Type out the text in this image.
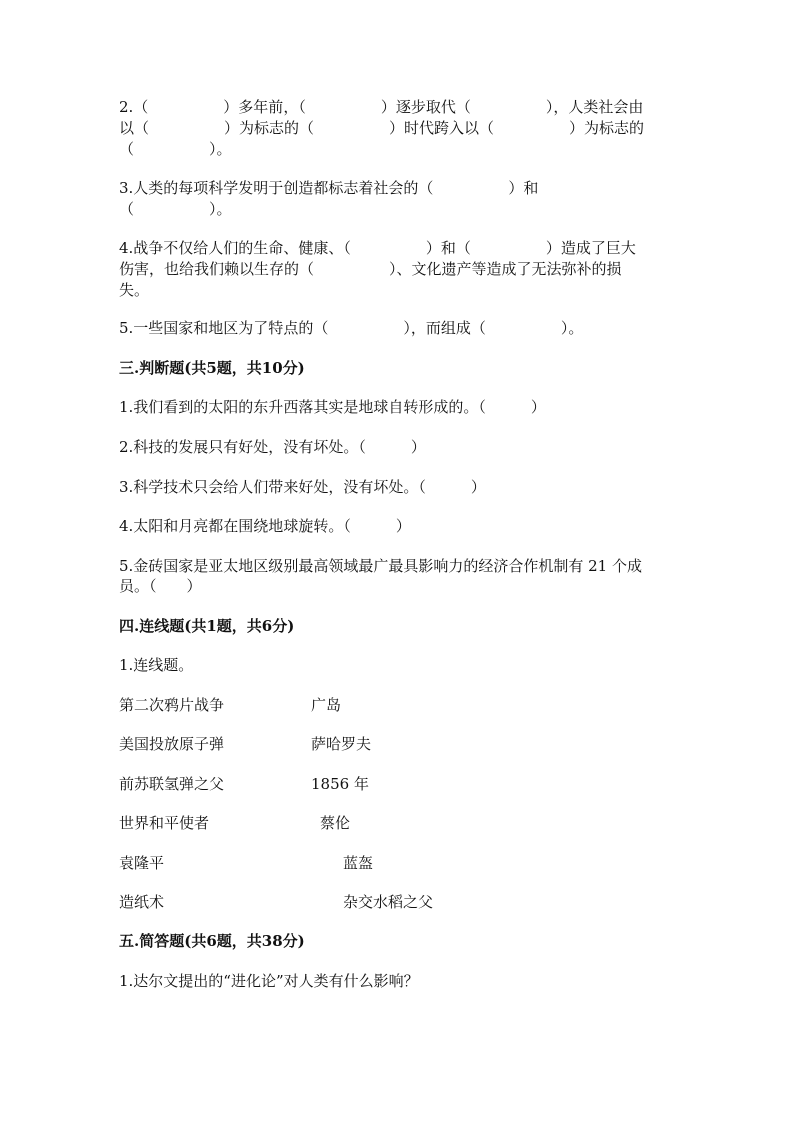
2.（　　　　　）多年前，（　　　　　）逐步取代（　　　　　），人类社会由
以（　　　　　）为标志的（　　　　　）时代跨入以（　　　　　）为标志的
（　　　　　）。
3.人类的每项科学发明于创造都标志着社会的（　　　　　）和
（　　　　　）。
4.战争不仅给人们的生命、健康、（　　　　　）和（　　　　　）造成了巨大
伤害，也给我们赖以生存的（　　　　　）、文化遗产等造成了无法弥补的损
失。
5.一些国家和地区为了特点的（　　　　　），而组成（　　　　　）。
三.判断题(共5题，共10分)
1.我们看到的太阳的东升西落其实是地球自转形成的。（　　　）
2.科技的发展只有好处，没有坏处。（　　　）
3.科学技术只会给人们带来好处，没有坏处。（　　　）
4.太阳和月亮都在围绕地球旋转。（　　　）
5.金砖国家是亚太地区级别最高领域最广最具影响力的经济合作机制有 21 个成
员。（　　）
四.连线题(共1题，共6分)
1.连线题。
第二次鸦片战争	广岛
美国投放原子弹	萨哈罗夫
前苏联氢弹之父	1856 年
世界和平使者	蔡伦
袁隆平	蓝盔
造纸术	杂交水稻之父
五.简答题(共6题，共38分)
1.达尔文提出的“进化论”对人类有什么影响？
